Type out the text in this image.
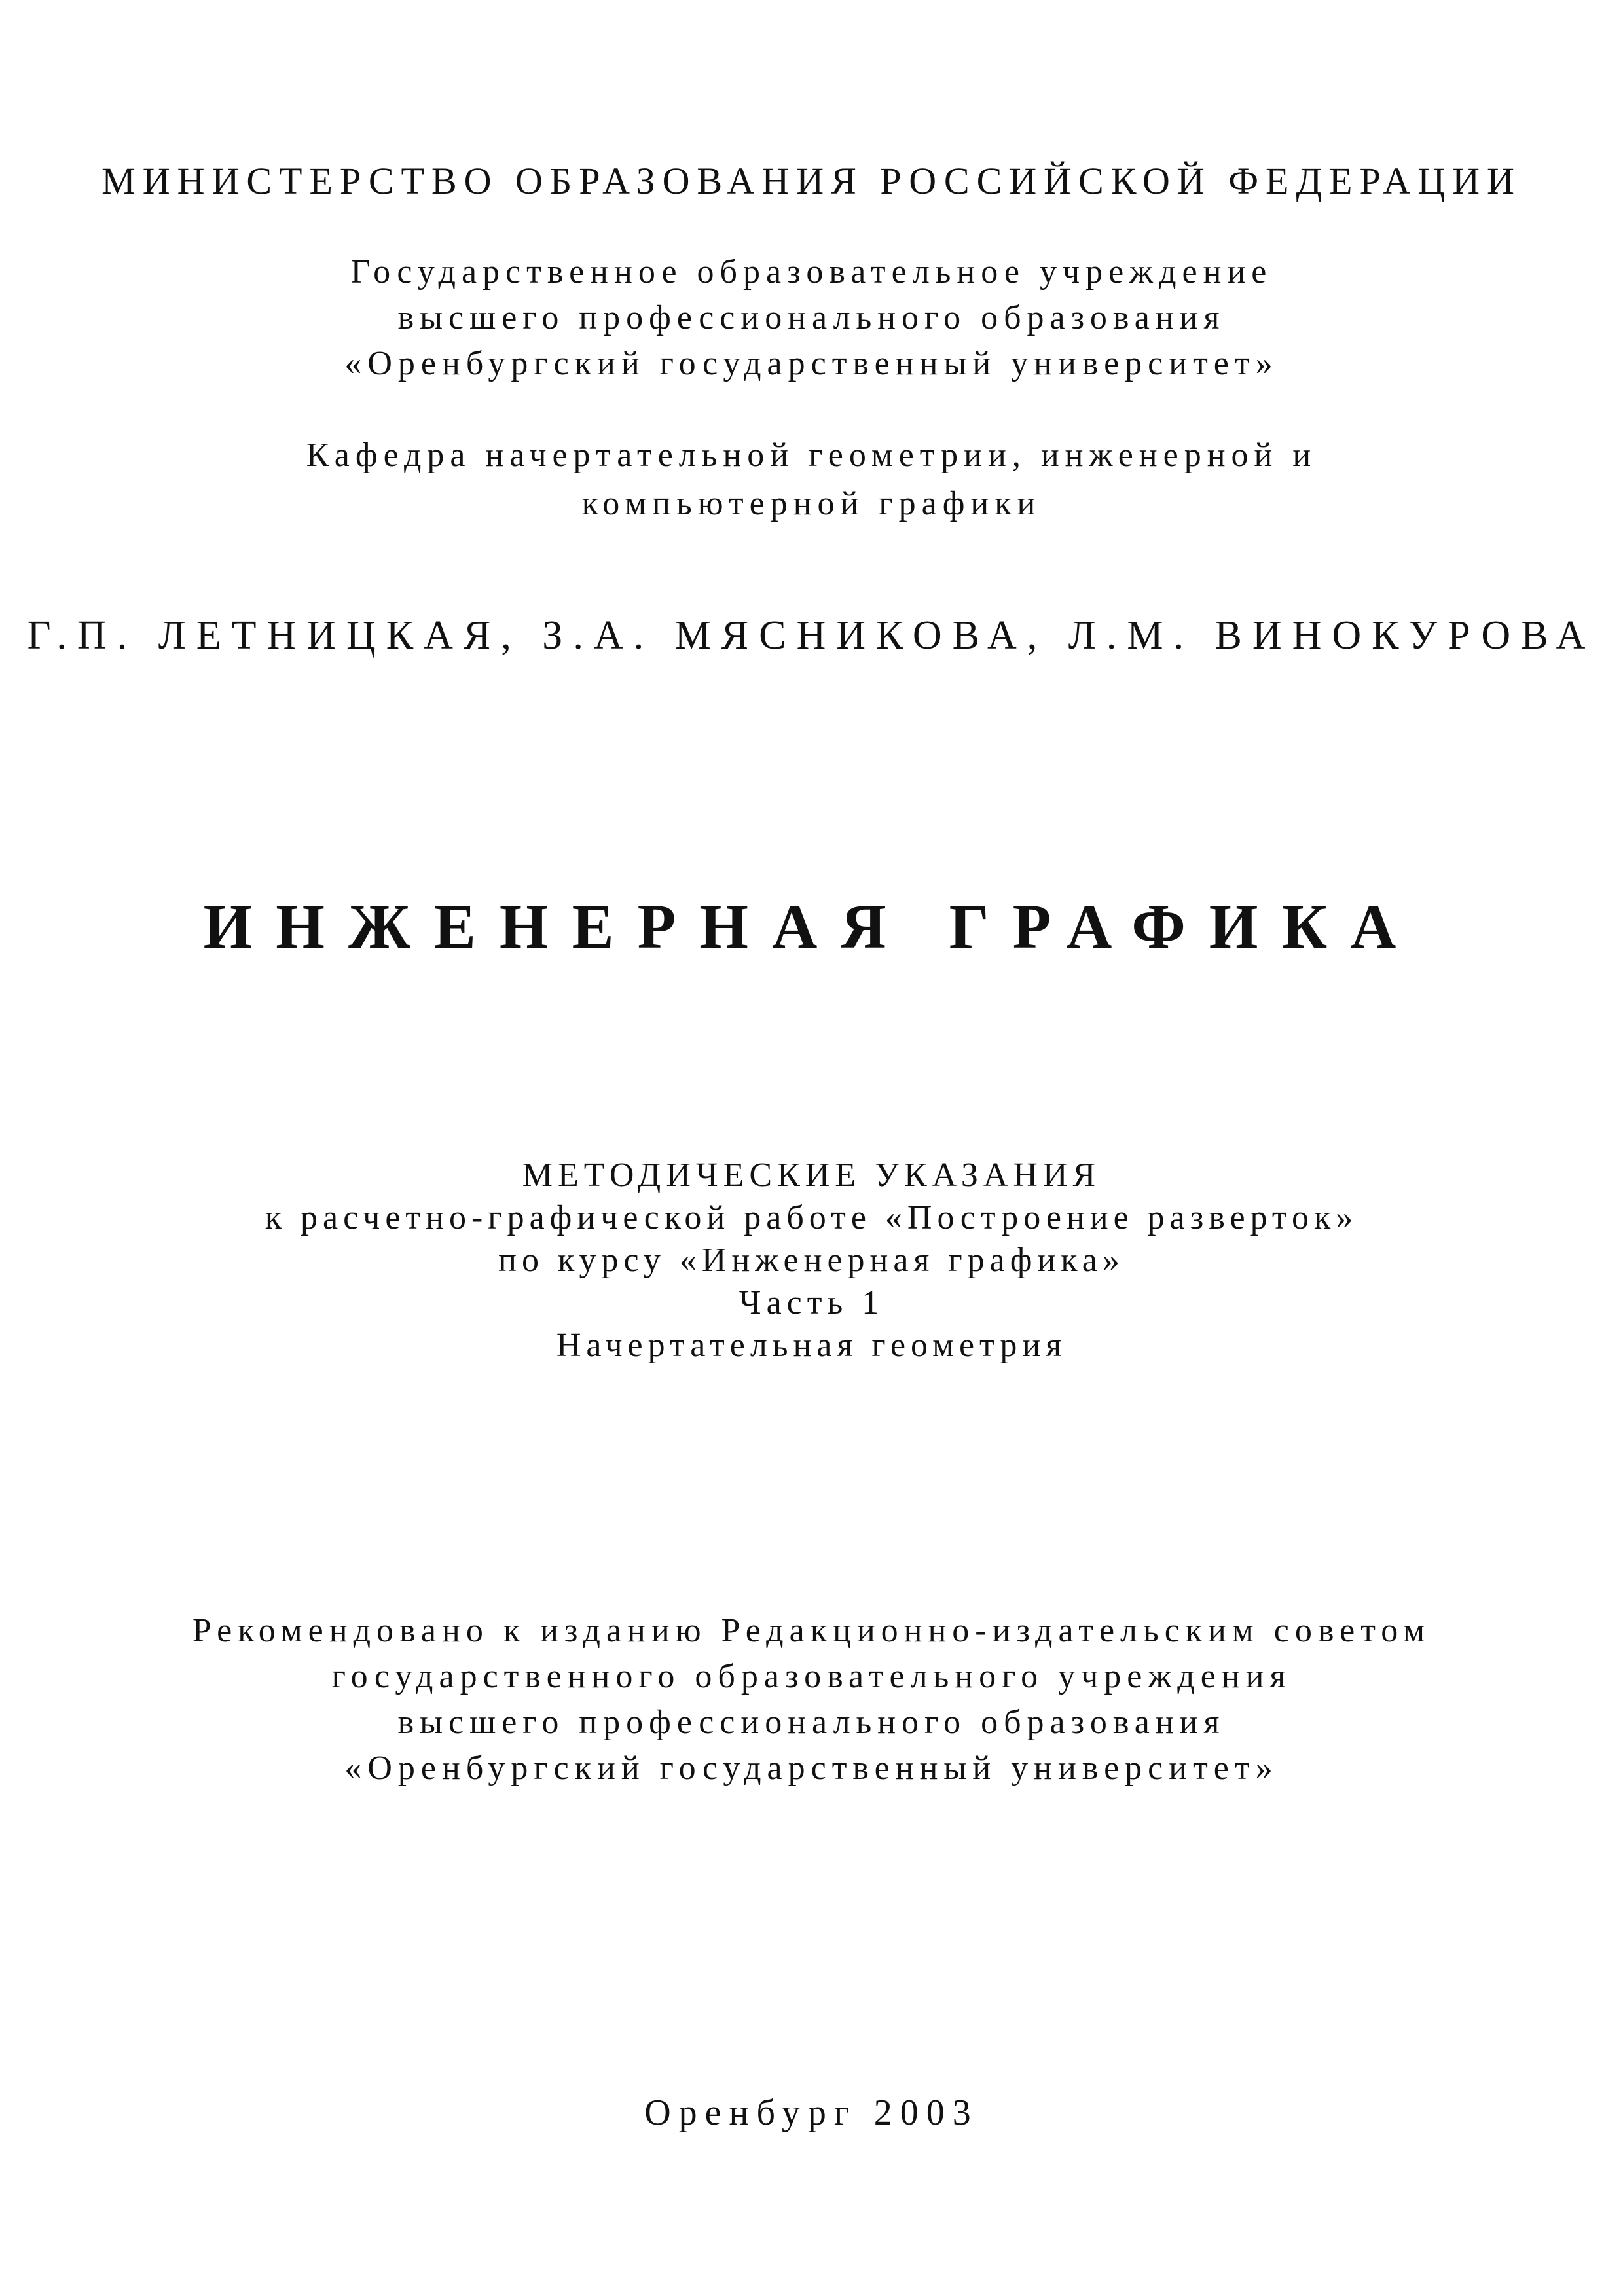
МИНИСТЕРСТВО ОБРАЗОВАНИЯ РОССИЙСКОЙ ФЕДЕРАЦИИ
Государственное образовательное учреждение
высшего профессионального образования
«Оренбургский государственный университет»
Кафедра начертательной геометрии, инженерной и
компьютерной графики
Г.П. ЛЕТНИЦКАЯ, З.А. МЯСНИКОВА, Л.М. ВИНОКУРОВА
ИНЖЕНЕРНАЯ ГРАФИКА
МЕТОДИЧЕСКИЕ УКАЗАНИЯ
к расчетно-графической работе «Построение разверток»
по курсу «Инженерная графика»
Часть 1
Начертательная геометрия
Рекомендовано к изданию Редакционно-издательским советом
государственного образовательного учреждения
высшего профессионального образования
«Оренбургский государственный университет»
Оренбург 2003
